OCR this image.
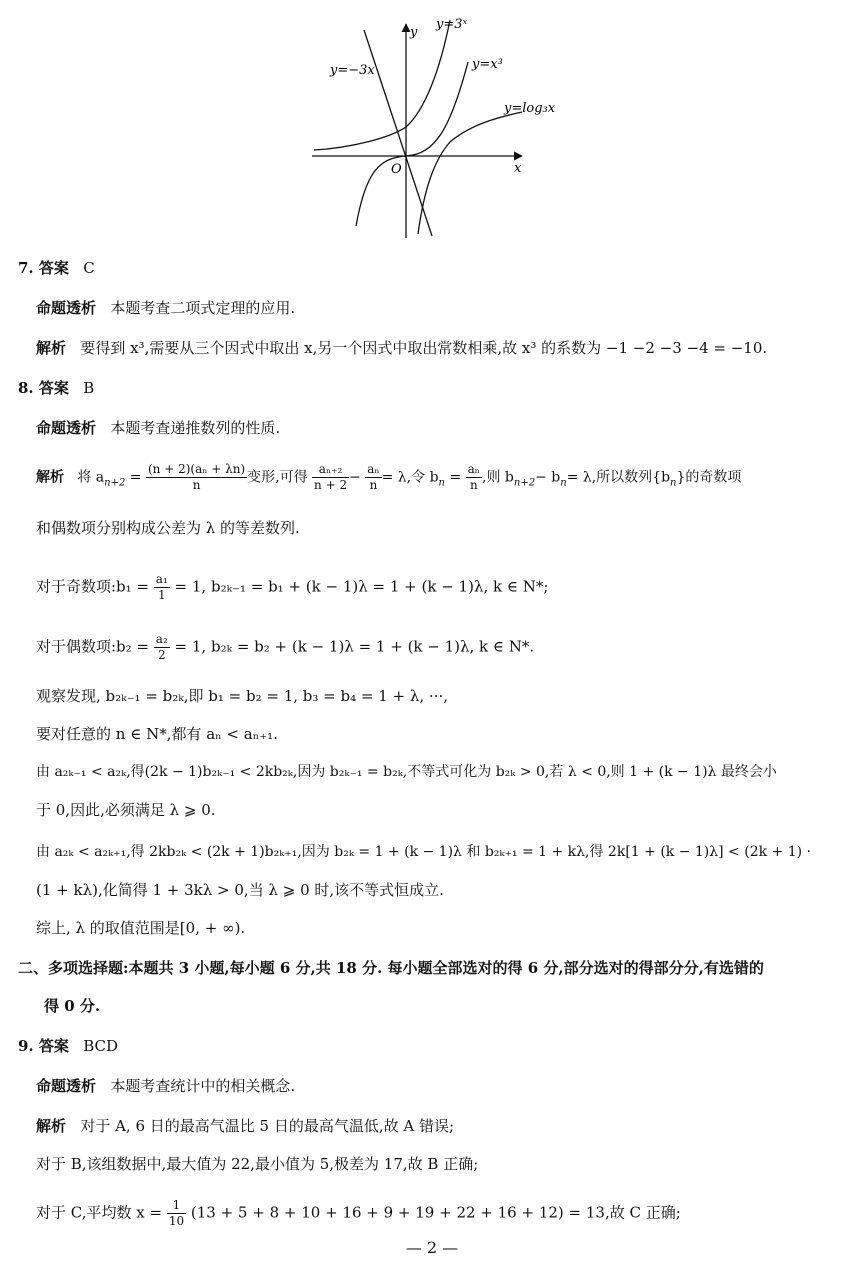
y=3ˣ
y=−3x	y=x³
y=log₃x
x
y
O
7. 答案 C
命题透析 本题考查二项式定理的应用.
解析 要得到 x³,需要从三个因式中取出 x,另一个因式中取出常数相乘,故 x³ 的系数为 −1 −2 −3 −4 = −10.
8. 答案 B
命题透析 本题考查递推数列的性质.
解析 将 $a_{n+2} = \frac{\text{(n + 2)(aₙ + λn)}}{n}$ 变形,可得 $\frac{\text{aₙ₊₂}}{n + 2} - \frac{\text{aₙ}}{n} = \lambda$,令 $b_n = \frac{\text{aₙ}}{n}$ ,则 $b_{n+2}- b_n= \lambda$,所以数列$\{b_n\}$的奇数项
和偶数项分别构成公差为 λ 的等差数列.
对于奇数项:b₁ = $\frac{\text{a₁}}{1} = 1$, b₂ₖ₋₁ = b₁ + (k − 1)λ = 1 + (k − 1)λ, k ∈ N*;
对于偶数项:b₂ = $\frac{\text{a₂}}{2} = 1$, b₂ₖ = b₂ + (k − 1)λ = 1 + (k − 1)λ, k ∈ N*.
观察发现, b₂ₖ₋₁ = b₂ₖ,即 b₁ = b₂ = 1, b₃ = b₄ = 1 + λ, ···,
要对任意的 n ∈ N*,都有 aₙ < aₙ₊₁.
由 a₂ₖ₋₁ < a₂ₖ,得(2k − 1)b₂ₖ₋₁ < 2kb₂ₖ,因为 b₂ₖ₋₁ = b₂ₖ,不等式可化为 b₂ₖ > 0,若 λ < 0,则 1 + (k − 1)λ 最终会小
于 0,因此,必须满足 λ ⩾ 0.
由 a₂ₖ < a₂ₖ₊₁,得 2kb₂ₖ < (2k + 1)b₂ₖ₊₁,因为 b₂ₖ = 1 + (k − 1)λ 和 b₂ₖ₊₁ = 1 + kλ,得 2k[1 + (k − 1)λ] < (2k + 1) ·
(1 + kλ),化简得 1 + 3kλ > 0,当 λ ⩾ 0 时,该不等式恒成立.
综上, λ 的取值范围是[0, + ∞).
二、多项选择题:本题共 3 小题,每小题 6 分,共 18 分. 每小题全部选对的得 6 分,部分选对的得部分分,有选错的
得 0 分.
9. 答案 BCD
命题透析 本题考查统计中的相关概念.
解析 对于 A, 6 日的最高气温比 5 日的最高气温低,故 A 错误;
对于 B,该组数据中,最大值为 22,最小值为 5,极差为 17,故 B 正确;
对于 C,平均数 $x = \frac{1}{10} (13 + 5 + 8 + 10 + 16 + 9 + 19 + 22 + 16 + 12) = 13$,故 C 正确;
— 2 —
